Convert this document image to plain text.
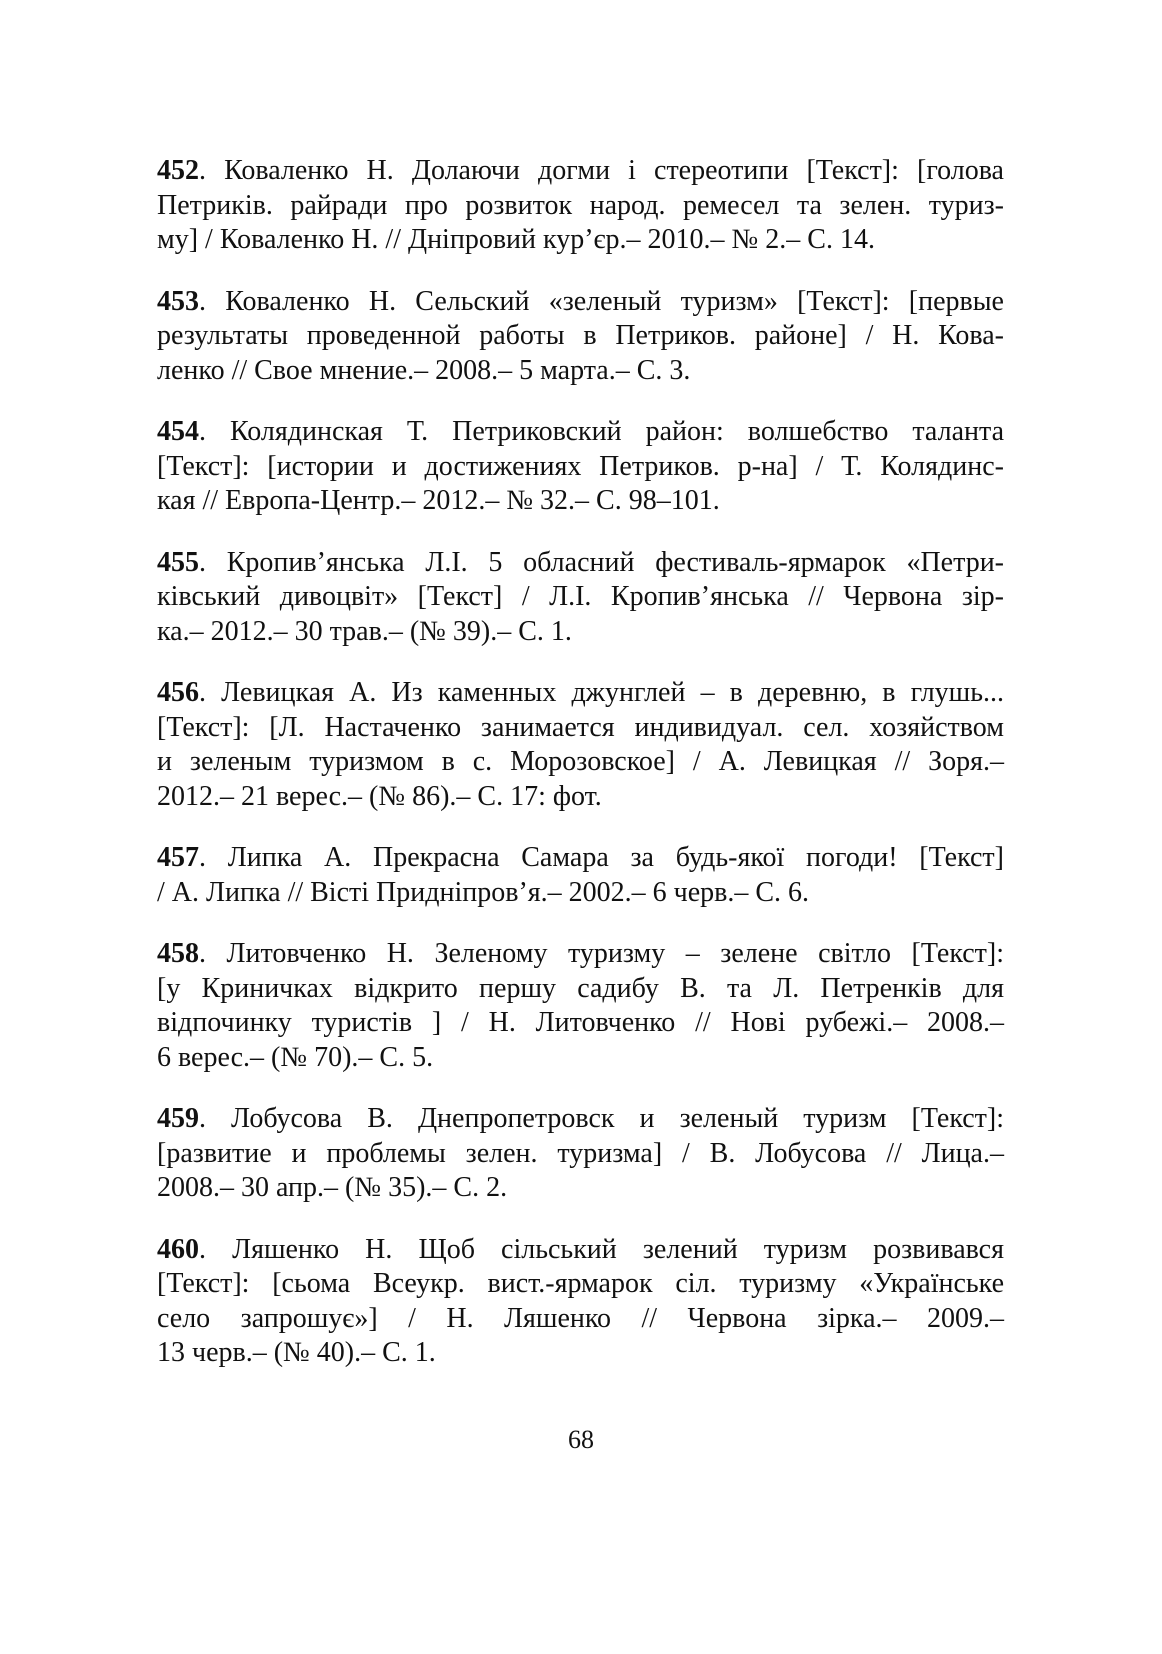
452. Коваленко Н. Долаючи догми і стереотипи [Текст]: [голова
Петриків. райради про розвиток народ. ремесел та зелен. туриз-
му] / Коваленко Н. // Дніпровий кур’єр.– 2010.– № 2.– С. 14.
453. Коваленко Н. Сельский «зеленый туризм» [Текст]: [первые
результаты проведенной работы в Петриков. районе] / Н. Кова-
ленко // Свое мнение.– 2008.– 5 марта.– С. 3.
454. Колядинская Т. Петриковский район: волшебство таланта
[Текст]: [истории и достижениях Петриков. р-на] / Т. Колядинс-
кая // Европа-Центр.– 2012.– № 32.– С. 98–101.
455. Кропив’янська Л.І. 5 обласний фестиваль-ярмарок «Петри-
ківський дивоцвіт» [Текст] / Л.І. Кропив’янська // Червона зір-
ка.– 2012.– 30 трав.– (№ 39).– С. 1.
456. Левицкая А. Из каменных джунглей – в деревню, в глушь...
[Текст]: [Л. Настаченко занимается индивидуал. сел. хозяйством
и зеленым туризмом в с. Морозовское] / А. Левицкая // Зоря.–
2012.– 21 верес.– (№ 86).– С. 17: фот.
457. Липка А. Прекрасна Самара за будь-якої погоди! [Текст]
/ А. Липка // Вісті Придніпров’я.– 2002.– 6 черв.– С. 6.
458. Литовченко Н. Зеленому туризму – зелене світло [Текст]:
[у Криничках відкрито першу садибу В. та Л. Петренків для
відпочинку туристів ] / Н. Литовченко // Нові рубежі.– 2008.–
6 верес.– (№ 70).– С. 5.
459. Лобусова В. Днепропетровск и зеленый туризм [Текст]:
[развитие и проблемы зелен. туризма] / В. Лобусова // Лица.–
2008.– 30 апр.– (№ 35).– С. 2.
460. Ляшенко Н. Щоб сільський зелений туризм розвивався
[Текст]: [сьома Всеукр. вист.-ярмарок сіл. туризму «Українське
село запрошує»] / Н. Ляшенко // Червона зірка.– 2009.–
13 черв.– (№ 40).– С. 1.
68
